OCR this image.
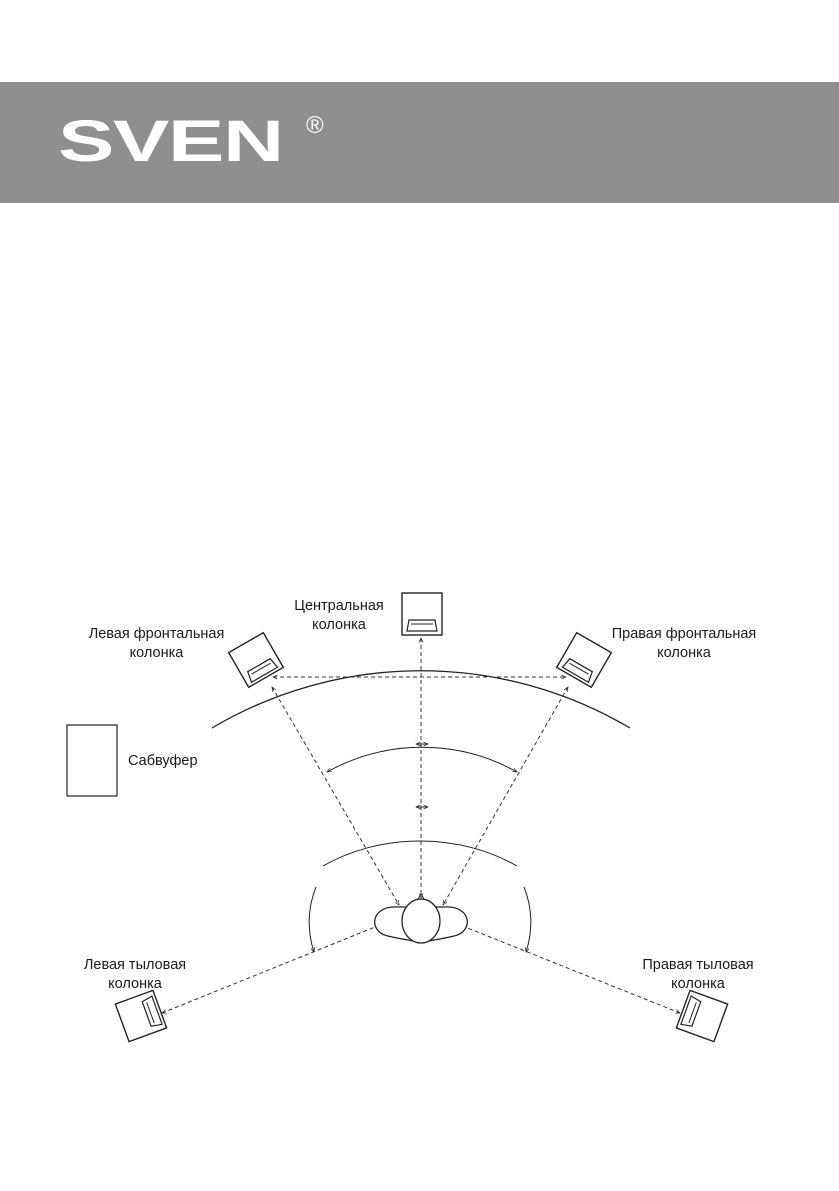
SVEN ®
Центральная
колонка
Левая фронтальная
колонка
Правая фронтальная
колонка
Сабвуфер
Левая тыловая
колонка
Правая тыловая
колонка
